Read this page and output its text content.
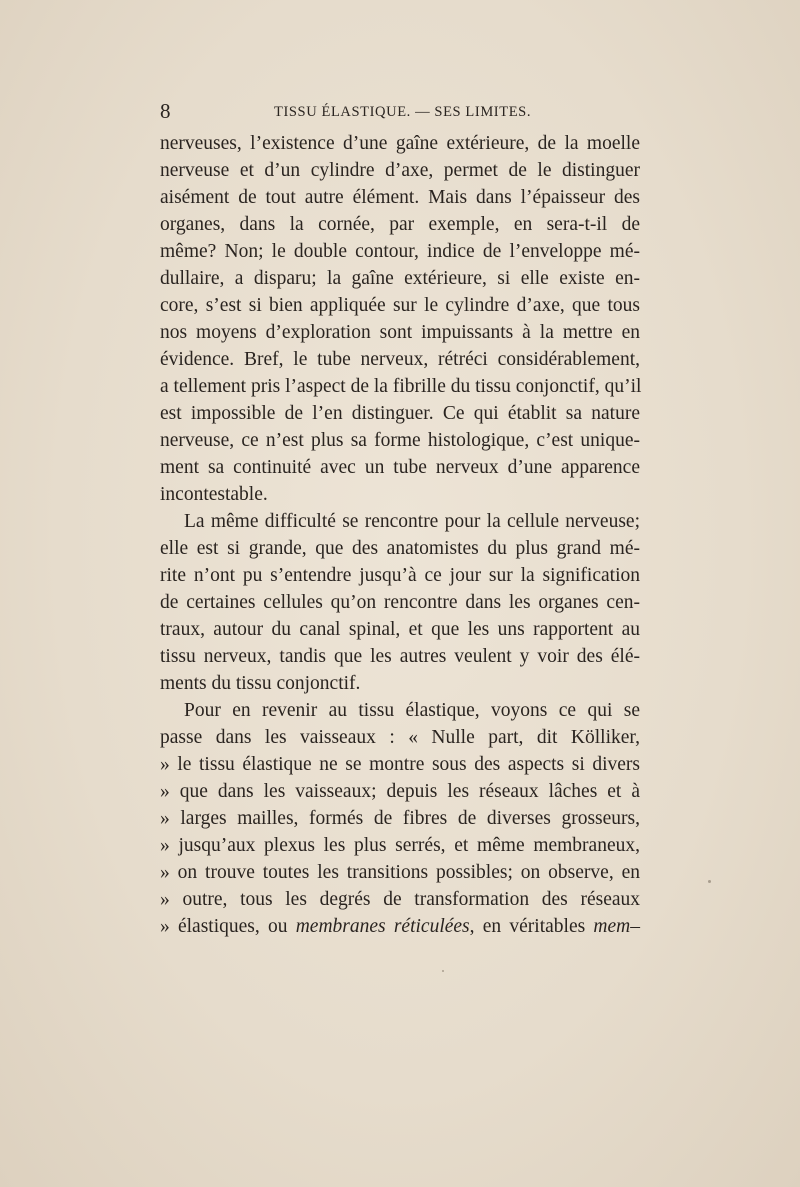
8	TISSU ÉLASTIQUE. — SES LIMITES.
nerveuses, l’existence d’une gaîne extérieure, de la moelle
nerveuse et d’un cylindre d’axe, permet de le distinguer
aisément de tout autre élément. Mais dans l’épaisseur des
organes, dans la cornée, par exemple, en sera-t-il de
même? Non; le double contour, indice de l’enveloppe mé-
dullaire, a disparu; la gaîne extérieure, si elle existe en-
core, s’est si bien appliquée sur le cylindre d’axe, que tous
nos moyens d’exploration sont impuissants à la mettre en
évidence. Bref, le tube nerveux, rétréci considérablement,
a tellement pris l’aspect de la fibrille du tissu conjonctif, qu’il
est impossible de l’en distinguer. Ce qui établit sa nature
nerveuse, ce n’est plus sa forme histologique, c’est unique-
ment sa continuité avec un tube nerveux d’une apparence
incontestable.
La même difficulté se rencontre pour la cellule nerveuse;
elle est si grande, que des anatomistes du plus grand mé-
rite n’ont pu s’entendre jusqu’à ce jour sur la signification
de certaines cellules qu’on rencontre dans les organes cen-
traux, autour du canal spinal, et que les uns rapportent au
tissu nerveux, tandis que les autres veulent y voir des élé-
ments du tissu conjonctif.
Pour en revenir au tissu élastique, voyons ce qui se
passe dans les vaisseaux : « Nulle part, dit Kölliker,
» le tissu élastique ne se montre sous des aspects si divers
» que dans les vaisseaux; depuis les réseaux lâches et à
» larges mailles, formés de fibres de diverses grosseurs,
» jusqu’aux plexus les plus serrés, et même membraneux,
» on trouve toutes les transitions possibles; on observe, en
» outre, tous les degrés de transformation des réseaux
» élastiques, ou membranes réticulées, en véritables mem–
